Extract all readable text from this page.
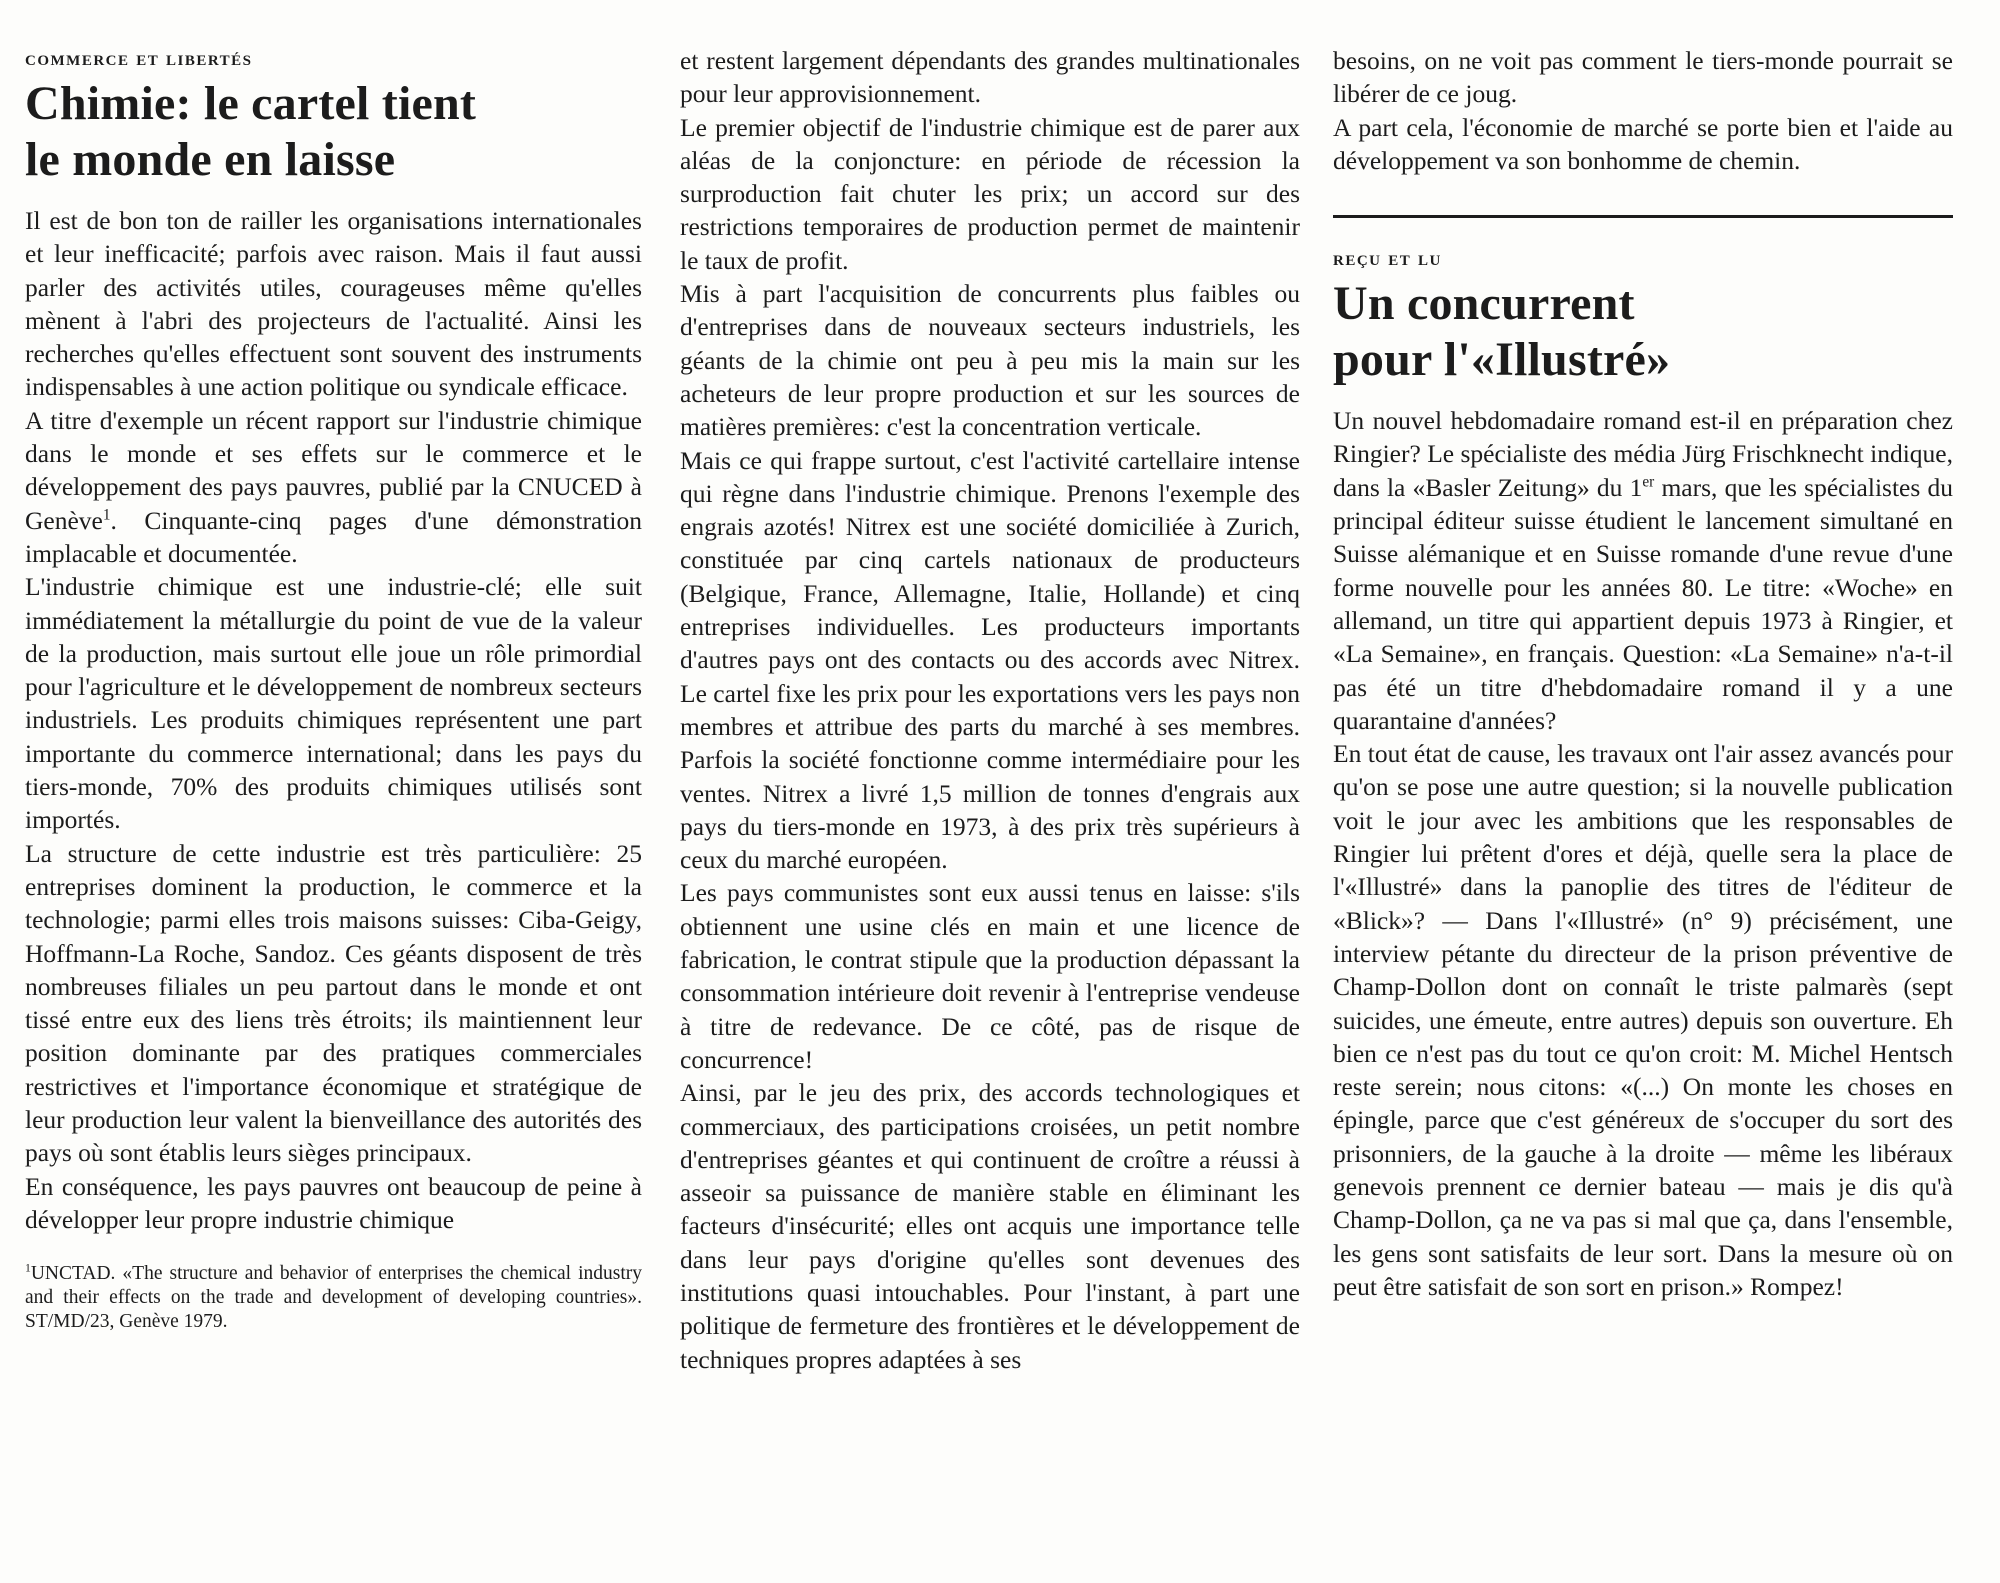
commerce et libertés
Chimie: le cartel tient
le monde en laisse

Il est de bon ton de railler les organisations internationales et leur inefficacité; parfois avec raison. Mais il faut aussi parler des activités utiles, courageuses même qu'elles mènent à l'abri des projecteurs de l'actualité. Ainsi les recherches qu'elles effectuent sont souvent des instruments indispensables à une action politique ou syndicale efficace.

A titre d'exemple un récent rapport sur l'industrie chimique dans le monde et ses effets sur le commerce et le développement des pays pauvres, publié par la CNUCED à Genève$^1$. Cinquante-cinq pages d'une démonstration implacable et documentée.

L'industrie chimique est une industrie-clé; elle suit immédiatement la métallurgie du point de vue de la valeur de la production, mais surtout elle joue un rôle primordial pour l'agriculture et le développement de nombreux secteurs industriels. Les produits chimiques représentent une part importante du commerce international; dans les pays du tiers-monde, 70% des produits chimiques utilisés sont importés.

La structure de cette industrie est très particulière: 25 entreprises dominent la production, le commerce et la technologie; parmi elles trois maisons suisses: Ciba-Geigy, Hoffmann-La Roche, Sandoz. Ces géants disposent de très nombreuses filiales un peu partout dans le monde et ont tissé entre eux des liens très étroits; ils maintiennent leur position dominante par des pratiques commerciales restrictives et l'importance économique et stratégique de leur production leur valent la bienveillance des autorités des pays où sont établis leurs sièges principaux.

En conséquence, les pays pauvres ont beaucoup de peine à développer leur propre industrie chimique

$^1$UNCTAD. «The structure and behavior of enterprises the chemical industry and their effects on the trade and development of developing countries». ST/MD/23, Genève 1979.

et restent largement dépendants des grandes multinationales pour leur approvisionnement.

Le premier objectif de l'industrie chimique est de parer aux aléas de la conjoncture: en période de récession la surproduction fait chuter les prix; un accord sur des restrictions temporaires de production permet de maintenir le taux de profit.

Mis à part l'acquisition de concurrents plus faibles ou d'entreprises dans de nouveaux secteurs industriels, les géants de la chimie ont peu à peu mis la main sur les acheteurs de leur propre production et sur les sources de matières premières: c'est la concentration verticale.

Mais ce qui frappe surtout, c'est l'activité cartellaire intense qui règne dans l'industrie chimique. Prenons l'exemple des engrais azotés! Nitrex est une société domiciliée à Zurich, constituée par cinq cartels nationaux de producteurs (Belgique, France, Allemagne, Italie, Hollande) et cinq entreprises individuelles. Les producteurs importants d'autres pays ont des contacts ou des accords avec Nitrex. Le cartel fixe les prix pour les exportations vers les pays non membres et attribue des parts du marché à ses membres. Parfois la société fonctionne comme intermédiaire pour les ventes. Nitrex a livré 1,5 million de tonnes d'engrais aux pays du tiers-monde en 1973, à des prix très supérieurs à ceux du marché européen.

Les pays communistes sont eux aussi tenus en laisse: s'ils obtiennent une usine clés en main et une licence de fabrication, le contrat stipule que la production dépassant la consommation intérieure doit revenir à l'entreprise vendeuse à titre de redevance. De ce côté, pas de risque de concurrence!

Ainsi, par le jeu des prix, des accords technologiques et commerciaux, des participations croisées, un petit nombre d'entreprises géantes et qui continuent de croître a réussi à asseoir sa puissance de manière stable en éliminant les facteurs d'insécurité; elles ont acquis une importance telle dans leur pays d'origine qu'elles sont devenues des institutions quasi intouchables. Pour l'instant, à part une politique de fermeture des frontières et le développement de techniques propres adaptées à ses

besoins, on ne voit pas comment le tiers-monde pourrait se libérer de ce joug.

A part cela, l'économie de marché se porte bien et l'aide au développement va son bonhomme de chemin.

reçu et lu
Un concurrent
pour l'«Illustré»

Un nouvel hebdomadaire romand est-il en préparation chez Ringier? Le spécialiste des média Jürg Frischknecht indique, dans la «Basler Zeitung» du 1er mars, que les spécialistes du principal éditeur suisse étudient le lancement simultané en Suisse alémanique et en Suisse romande d'une revue d'une forme nouvelle pour les années 80. Le titre: «Woche» en allemand, un titre qui appartient depuis 1973 à Ringier, et «La Semaine», en français. Question: «La Semaine» n'a-t-il pas été un titre d'hebdomadaire romand il y a une quarantaine d'années?

En tout état de cause, les travaux ont l'air assez avancés pour qu'on se pose une autre question; si la nouvelle publication voit le jour avec les ambitions que les responsables de Ringier lui prêtent d'ores et déjà, quelle sera la place de l'«Illustré» dans la panoplie des titres de l'éditeur de «Blick»? — Dans l'«Illustré» (n° 9) précisément, une interview pétante du directeur de la prison préventive de Champ-Dollon dont on connaît le triste palmarès (sept suicides, une émeute, entre autres) depuis son ouverture. Eh bien ce n'est pas du tout ce qu'on croit: M. Michel Hentsch reste serein; nous citons: «(...) On monte les choses en épingle, parce que c'est généreux de s'occuper du sort des prisonniers, de la gauche à la droite — même les libéraux genevois prennent ce dernier bateau — mais je dis qu'à Champ-Dollon, ça ne va pas si mal que ça, dans l'ensemble, les gens sont satisfaits de leur sort. Dans la mesure où on peut être satisfait de son sort en prison.» Rompez!
